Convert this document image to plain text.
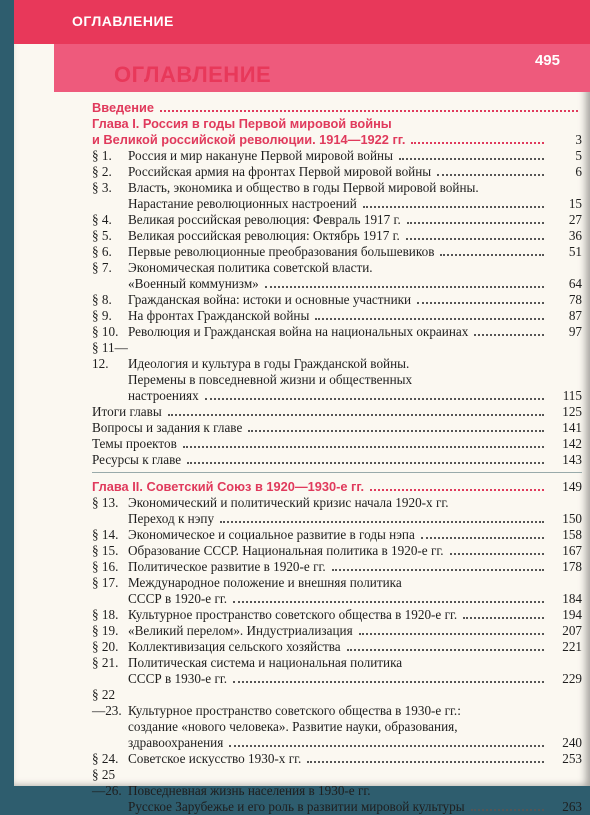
ОГЛАВЛЕНИЕ
495
ОГЛАВЛЕНИЕ
Введение
Глава I. Россия в годы Первой мировой войны
и Великой российской революции. 1914—1922 гг.	3
§ 1.	Россия и мир накануне Первой мировой войны	5
§ 2.	Российская армия на фронтах Первой мировой войны	6
§ 3.	Власть, экономика и общество в годы Первой мировой войны.
Нарастание революционных настроений	15
§ 4.	Великая российская революция: Февраль 1917 г.	27
§ 5.	Великая российская революция: Октябрь 1917 г.	36
§ 6.	Первые революционные преобразования большевиков	51
§ 7.	Экономическая политика советской власти.
«Военный коммунизм»	64
§ 8.	Гражданская война: истоки и основные участники	78
§ 9.	На фронтах Гражданской войны	87
§ 10. Революция и Гражданская война на национальных окраинах	97
§ 11—12.	Идеология и культура в годы Гражданской войны.
Перемены в повседневной жизни и общественных
настроениях	115
Итоги главы	125
Вопросы и задания к главе	141
Темы проектов	142
Ресурсы к главе	143
Глава II. Советский Союз в 1920—1930-е гг.	149
§ 13. Экономический и политический кризис начала 1920-х гг.
Переход к нэпу	150
§ 14. Экономическое и социальное развитие в годы нэпа	158
§ 15. Образование СССР. Национальная политика в 1920-е гг.	167
§ 16. Политическое развитие в 1920-е гг.	178
§ 17. Международное положение и внешняя политика
СССР в 1920-е гг.	184
§ 18. Культурное пространство советского общества в 1920-е гг.	194
§ 19. «Великий перелом». Индустриализация	207
§ 20. Коллективизация сельского хозяйства	221
§ 21. Политическая система и национальная политика
СССР в 1930-е гг.	229
§ 22—23. Культурное пространство советского общества в 1930-е гг.:
создание «нового человека». Развитие науки, образования,
здравоохранения	240
§ 24. Советское искусство 1930-х гг.	253
§ 25—26. Повседневная жизнь населения в 1930-е гг.
Русское Зарубежье и его роль в развитии мировой культуры	263
